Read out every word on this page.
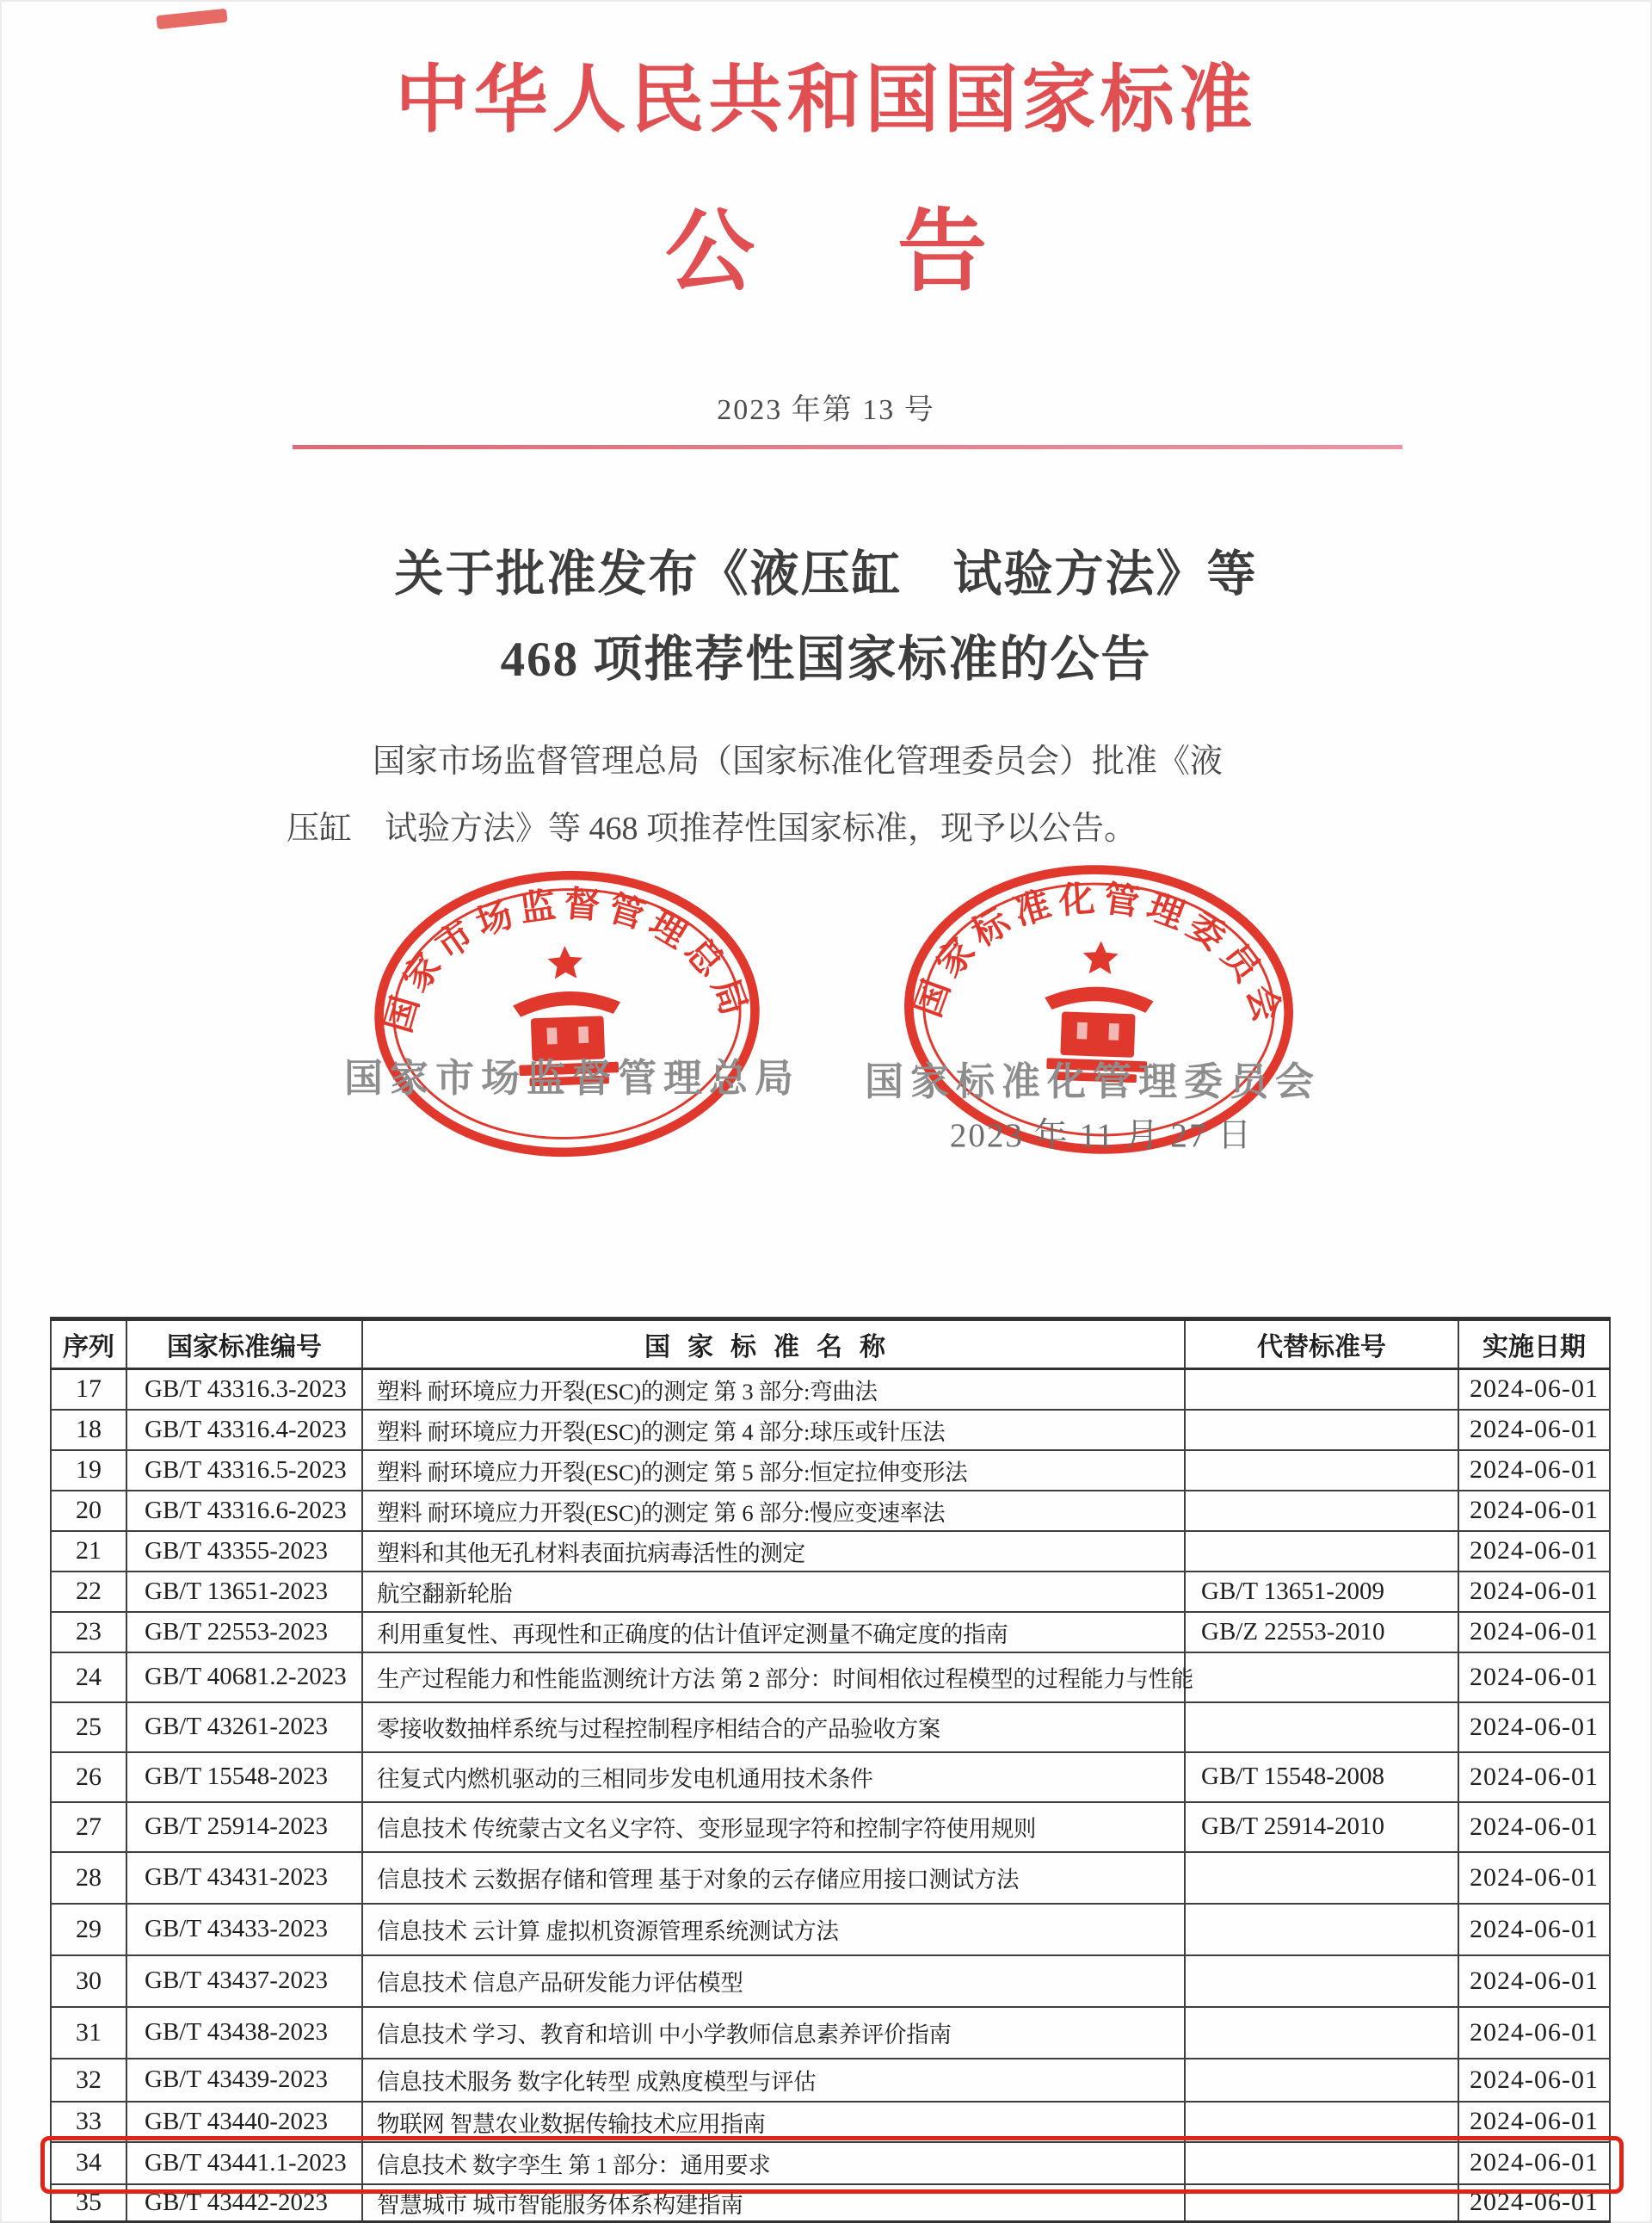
中华人民共和国国家标准
公 告
2023 年第 13 号
关于批准发布《液压缸　试验方法》等
468 项推荐性国家标准的公告
国家市场监督管理总局（国家标准化管理委员会）批准《液
压缸　试验方法》等 468 项推荐性国家标准，现予以公告。
国家市场监督管理总局	国家标准化管理委员会
2023 年 11 月 27 日
国家市场监督管理总局	国家标准化管理委员会
序列	国家标准编号	国家标准名称	代替标准号	实施日期
17	GB/T 43316.3-2023	塑料 耐环境应力开裂(ESC)的测定 第 3 部分:弯曲法		2024-06-01
18	GB/T 43316.4-2023	塑料 耐环境应力开裂(ESC)的测定 第 4 部分:球压或针压法		2024-06-01
19	GB/T 43316.5-2023	塑料 耐环境应力开裂(ESC)的测定 第 5 部分:恒定拉伸变形法		2024-06-01
20	GB/T 43316.6-2023	塑料 耐环境应力开裂(ESC)的测定 第 6 部分:慢应变速率法		2024-06-01
21	GB/T 43355-2023	塑料和其他无孔材料表面抗病毒活性的测定		2024-06-01
22	GB/T 13651-2023	航空翻新轮胎	GB/T 13651-2009	2024-06-01
23	GB/T 22553-2023	利用重复性、再现性和正确度的估计值评定测量不确定度的指南	GB/Z 22553-2010	2024-06-01
24	GB/T 40681.2-2023	生产过程能力和性能监测统计方法 第 2 部分：时间相依过程模型的过程能力与性能		2024-06-01
25	GB/T 43261-2023	零接收数抽样系统与过程控制程序相结合的产品验收方案		2024-06-01
26	GB/T 15548-2023	往复式内燃机驱动的三相同步发电机通用技术条件	GB/T 15548-2008	2024-06-01
27	GB/T 25914-2023	信息技术 传统蒙古文名义字符、变形显现字符和控制字符使用规则	GB/T 25914-2010	2024-06-01
28	GB/T 43431-2023	信息技术 云数据存储和管理 基于对象的云存储应用接口测试方法		2024-06-01
29	GB/T 43433-2023	信息技术 云计算 虚拟机资源管理系统测试方法		2024-06-01
30	GB/T 43437-2023	信息技术 信息产品研发能力评估模型		2024-06-01
31	GB/T 43438-2023	信息技术 学习、教育和培训 中小学教师信息素养评价指南		2024-06-01
32	GB/T 43439-2023	信息技术服务 数字化转型 成熟度模型与评估		2024-06-01
33	GB/T 43440-2023	物联网 智慧农业数据传输技术应用指南		2024-06-01
34	GB/T 43441.1-2023	信息技术 数字孪生 第 1 部分：通用要求		2024-06-01
35	GB/T 43442-2023	智慧城市 城市智能服务体系构建指南		2024-06-01
